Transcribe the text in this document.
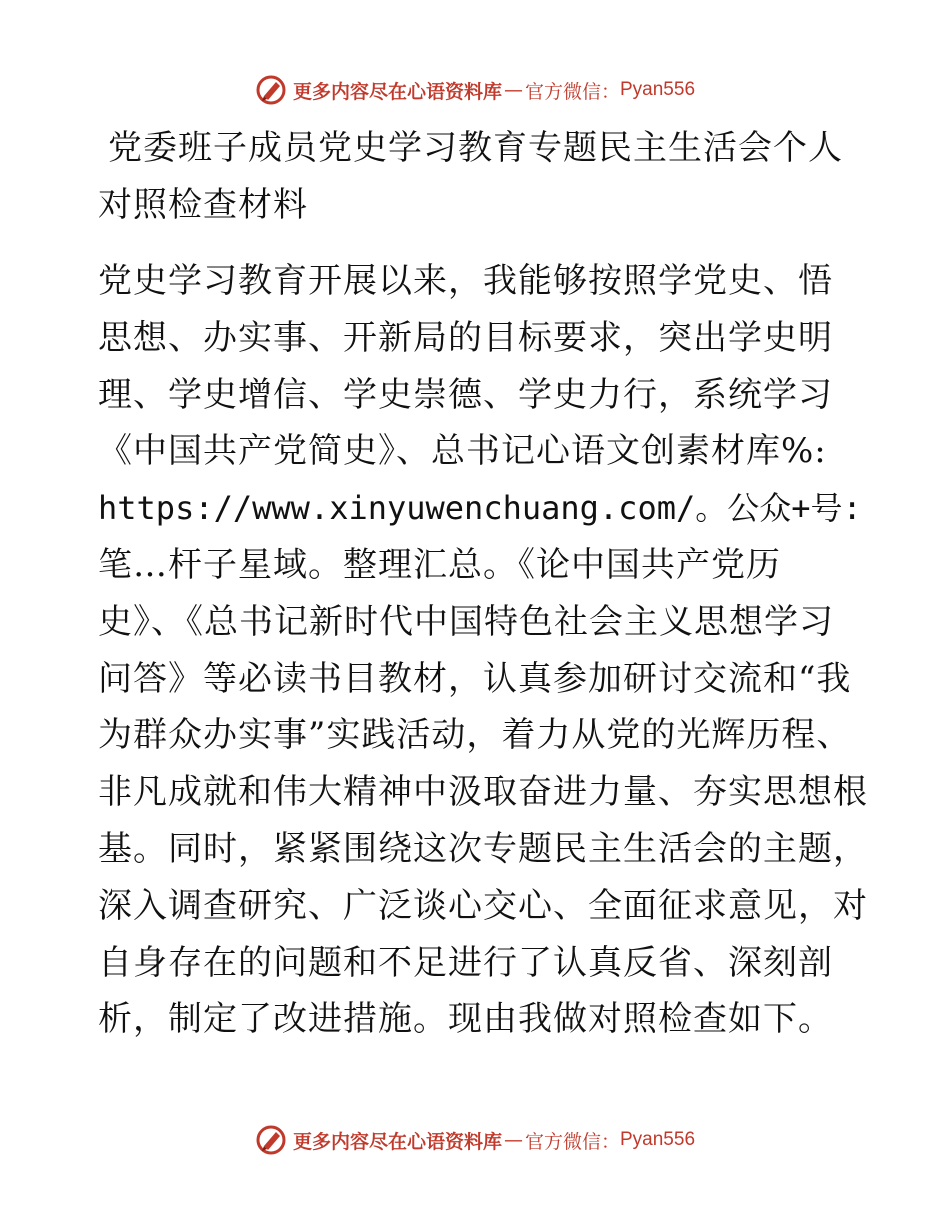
更多内容尽在心语资料库 — 官方微信： Pyan556
党委班子成员党史学习教育专题民主生活会个人
对照检查材料
党史学习教育开展以来，我能够按照学党史、悟
思想、办实事、开新局的目标要求，突出学史明
理、学史增信、学史崇德、学史力行，系统学习
《中国共产党简史》、总书记心语文创素材库%:
https://www.xinyuwenchuang.com/。公众+号:
笔…杆子星域。整理汇总。《论中国共产党历
史》、《总书记新时代中国特色社会主义思想学习
问答》等必读书目教材，认真参加研讨交流和“我
为群众办实事”实践活动，着力从党的光辉历程、
非凡成就和伟大精神中汲取奋进力量、夯实思想根
基。同时，紧紧围绕这次专题民主生活会的主题，
深入调查研究、广泛谈心交心、全面征求意见，对
自身存在的问题和不足进行了认真反省、深刻剖
析，制定了改进措施。现由我做对照检查如下。
更多内容尽在心语资料库 — 官方微信： Pyan556
